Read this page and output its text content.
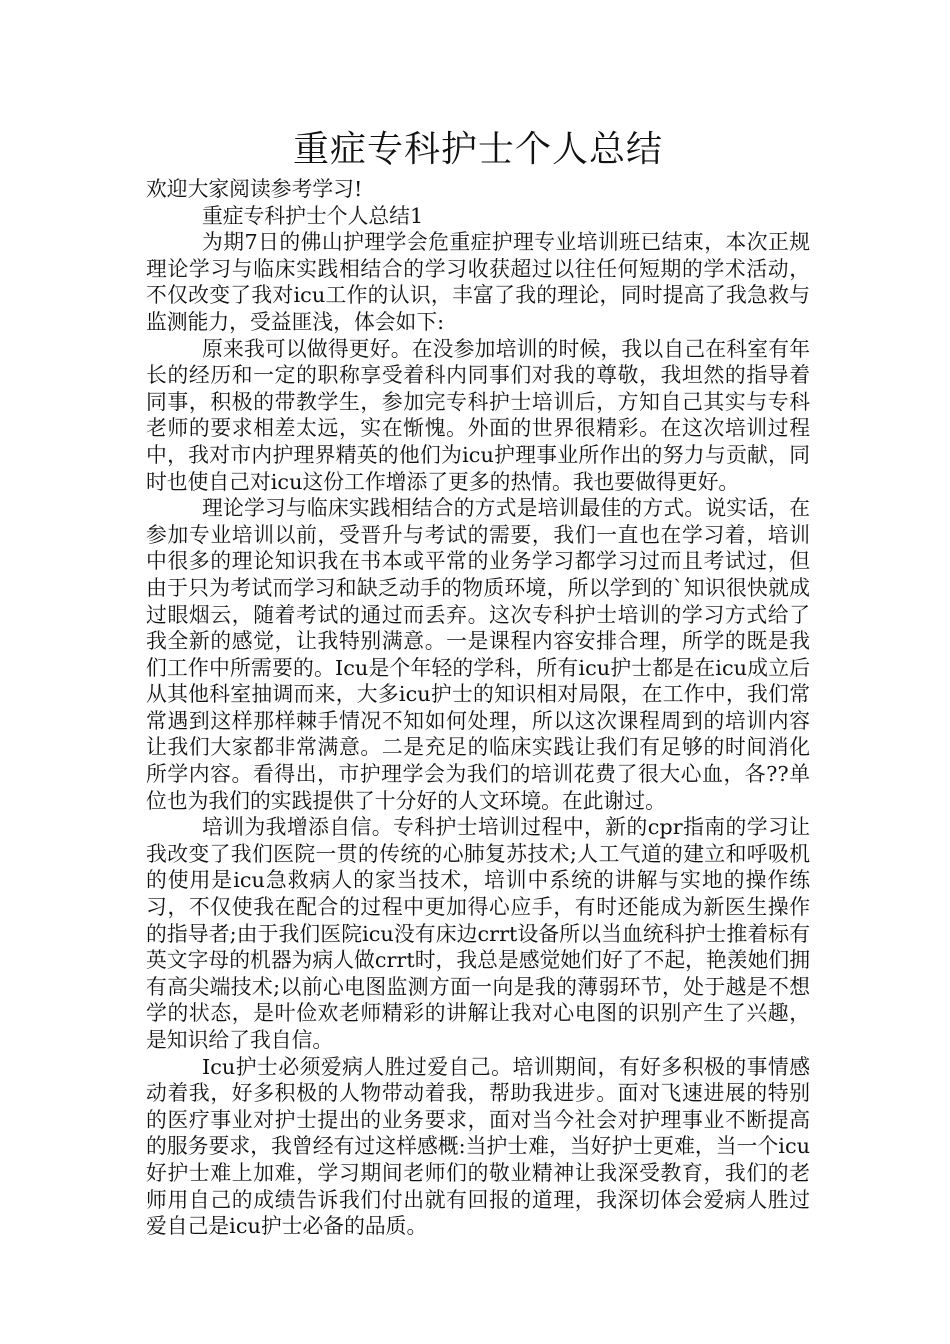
重症专科护士个人总结

欢迎大家阅读参考学习!

重症专科护士个人总结1

为期7日的佛山护理学会危重症护理专业培训班已结束，本次正规理论学习与临床实践相结合的学习收获超过以往任何短期的学术活动，不仅改变了我对icu工作的认识，丰富了我的理论，同时提高了我急救与监测能力，受益匪浅，体会如下:

原来我可以做得更好。在没参加培训的时候，我以自己在科室有年长的经历和一定的职称享受着科内同事们对我的尊敬，我坦然的指导着同事，积极的带教学生，参加完专科护士培训后，方知自己其实与专科老师的要求相差太远，实在惭愧。外面的世界很精彩。在这次培训过程中，我对市内护理界精英的他们为icu护理事业所作出的努力与贡献，同时也使自己对icu这份工作增添了更多的热情。我也要做得更好。

理论学习与临床实践相结合的方式是培训最佳的方式。说实话，在参加专业培训以前，受晋升与考试的需要，我们一直也在学习着，培训中很多的理论知识我在书本或平常的业务学习都学习过而且考试过，但由于只为考试而学习和缺乏动手的物质环境，所以学到的`知识很快就成过眼烟云，随着考试的通过而丢弃。这次专科护士培训的学习方式给了我全新的感觉，让我特别满意。一是课程内容安排合理，所学的既是我们工作中所需要的。Icu是个年轻的学科，所有icu护士都是在icu成立后从其他科室抽调而来，大多icu护士的知识相对局限，在工作中，我们常常遇到这样那样棘手情况不知如何处理，所以这次课程周到的培训内容让我们大家都非常满意。二是充足的临床实践让我们有足够的时间消化所学内容。看得出，市护理学会为我们的培训花费了很大心血，各??单位也为我们的实践提供了十分好的人文环境。在此谢过。

培训为我增添自信。专科护士培训过程中，新的cpr指南的学习让我改变了我们医院一贯的传统的心肺复苏技术;人工气道的建立和呼吸机的使用是icu急救病人的家当技术，培训中系统的讲解与实地的操作练习，不仅使我在配合的过程中更加得心应手，有时还能成为新医生操作的指导者;由于我们医院icu没有床边crrt设备所以当血统科护士推着标有英文字母的机器为病人做crrt时，我总是感觉她们好了不起，艳羡她们拥有高尖端技术;以前心电图监测方面一向是我的薄弱环节，处于越是不想学的状态，是叶俭欢老师精彩的讲解让我对心电图的识别产生了兴趣，是知识给了我自信。

Icu护士必须爱病人胜过爱自己。培训期间，有好多积极的事情感动着我，好多积极的人物带动着我，帮助我进步。面对飞速进展的特别的医疗事业对护士提出的业务要求，面对当今社会对护理事业不断提高的服务要求，我曾经有过这样感概:当护士难，当好护士更难，当一个icu好护士难上加难，学习期间老师们的敬业精神让我深受教育，我们的老师用自己的成绩告诉我们付出就有回报的道理，我深切体会爱病人胜过爱自己是icu护士必备的品质。
